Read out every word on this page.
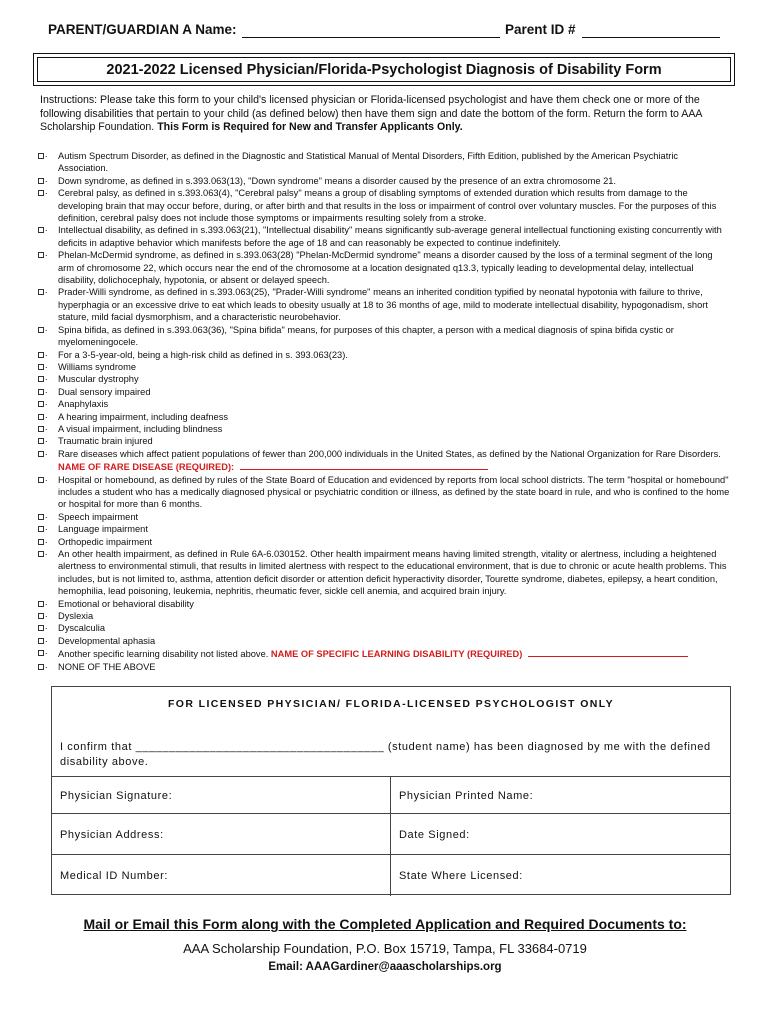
PARENT/GUARDIAN A Name:	Parent ID #
2021-2022 Licensed Physician/Florida-Psychologist Diagnosis of Disability Form
Instructions: Please take this form to your child's licensed physician or Florida-licensed psychologist and have them check one or more of the following disabilities that pertain to your child (as defined below) then have them sign and date the bottom of the form. Return the form to AAA Scholarship Foundation. This Form is Required for New and Transfer Applicants Only.
.
Autism Spectrum Disorder, as defined in the Diagnostic and Statistical Manual of Mental Disorders, Fifth Edition, published by the American Psychiatric Association.
.
Down syndrome, as defined in s.393.063(13), "Down syndrome" means a disorder caused by the presence of an extra chromosome 21.
.
Cerebral palsy, as defined in s.393.063(4), "Cerebral palsy" means a group of disabling symptoms of extended duration which results from damage to the developing brain that may occur before, during, or after birth and that results in the loss or impairment of control over voluntary muscles. For the purposes of this definition, cerebral palsy does not include those symptoms or impairments resulting solely from a stroke.
.
Intellectual disability, as defined in s.393.063(21), "Intellectual disability" means significantly sub-average general intellectual functioning existing concurrently with deficits in adaptive behavior which manifests before the age of 18 and can reasonably be expected to continue indefinitely.
.
Phelan-McDermid syndrome, as defined in s.393.063(28) "Phelan-McDermid syndrome" means a disorder caused by the loss of a terminal segment of the long arm of chromosome 22, which occurs near the end of the chromosome at a location designated q13.3, typically leading to developmental delay, intellectual disability, dolichocephaly, hypotonia, or absent or delayed speech.
.
Prader-Willi syndrome, as defined in s.393.063(25), "Prader-Willi syndrome" means an inherited condition typified by neonatal hypotonia with failure to thrive, hyperphagia or an excessive drive to eat which leads to obesity usually at 18 to 36 months of age, mild to moderate intellectual disability, hypogonadism, short stature, mild facial dysmorphism, and a characteristic neurobehavior.
.
Spina bifida, as defined in s.393.063(36), "Spina bifida" means, for purposes of this chapter, a person with a medical diagnosis of spina bifida cystic or myelomeningocele.
.
For a 3-5-year-old, being a high-risk child as defined in s. 393.063(23).
.
Williams syndrome
.
Muscular dystrophy
.
Dual sensory impaired
.
Anaphylaxis
.
A hearing impairment, including deafness
.
A visual impairment, including blindness
.
Traumatic brain injured
.
Rare diseases which affect patient populations of fewer than 200,000 individuals in the United States, as defined by the National Organization for Rare Disorders. NAME OF RARE DISEASE (REQUIRED):
.
Hospital or homebound, as defined by rules of the State Board of Education and evidenced by reports from local school districts. The term "hospital or homebound" includes a student who has a medically diagnosed physical or psychiatric condition or illness, as defined by the state board in rule, and who is confined to the home or hospital for more than 6 months.
.
Speech impairment
.
Language impairment
.
Orthopedic impairment
.
An other health impairment, as defined in Rule 6A-6.030152. Other health impairment means having limited strength, vitality or alertness, including a heightened alertness to environmental stimuli, that results in limited alertness with respect to the educational environment, that is due to chronic or acute health problems. This includes, but is not limited to, asthma, attention deficit disorder or attention deficit hyperactivity disorder, Tourette syndrome, diabetes, epilepsy, a heart condition, hemophilia, lead poisoning, leukemia, nephritis, rheumatic fever, sickle cell anemia, and acquired brain injury.
.
Emotional or behavioral disability
.
Dyslexia
.
Dyscalculia
.
Developmental aphasia
.
Another specific learning disability not listed above. NAME OF SPECIFIC LEARNING DISABILITY (REQUIRED)
.
NONE OF THE ABOVE
FOR LICENSED PHYSICIAN/ FLORIDA-LICENSED PSYCHOLOGIST ONLY
I confirm that _____________________________________ (student name) has been diagnosed by me with the defined disability above.
Physician Signature:	Physician Printed Name:
Physician Address:	Date Signed:
Medical ID Number:	State Where Licensed:
Mail or Email this Form along with the Completed Application and Required Documents to:
AAA Scholarship Foundation, P.O. Box 15719, Tampa, FL 33684-0719
Email: AAAGardiner@aaascholarships.org
